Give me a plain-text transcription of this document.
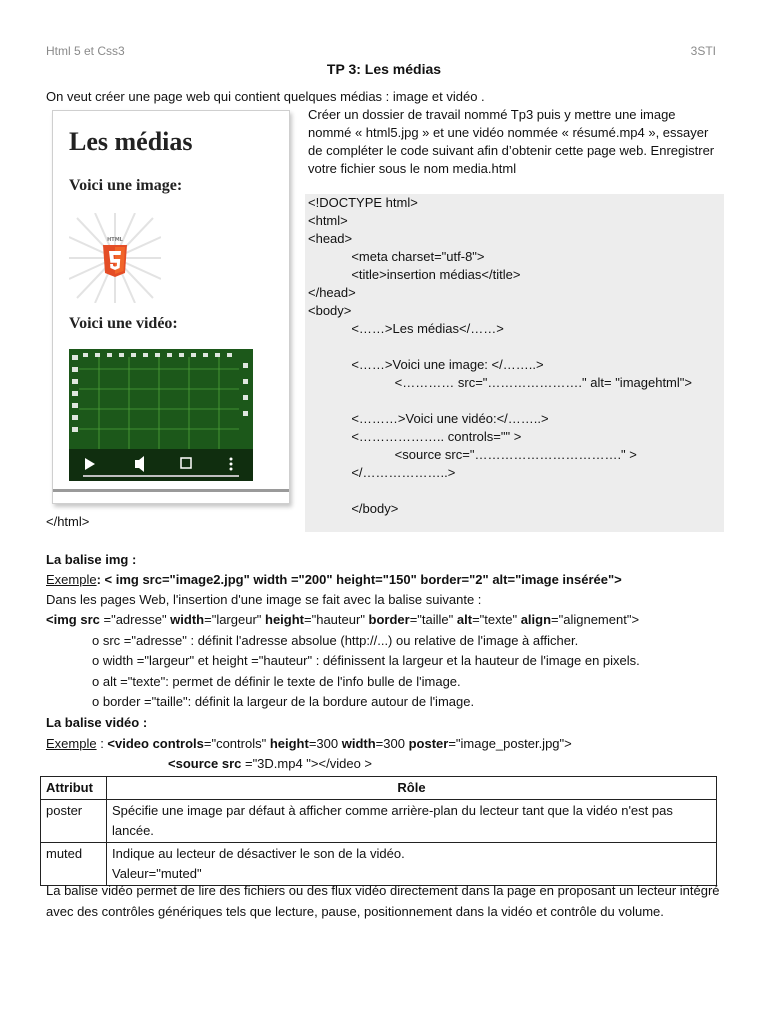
Html 5 et Css3	3STI
TP 3: Les médias
On veut créer une page web qui contient quelques médias : image et vidéo .
Les médias
Voici une image:
HTML
Voici une vidéo:
Créer un dossier de travail nommé Tp3 puis y mettre une image nommé « html5.jpg » et une vidéo nommée « résumé.mp4 », essayer de compléter le code suivant afin d’obtenir cette page web. Enregistrer votre fichier sous le nom media.html
<!DOCTYPE html>
<html>
<head>
<meta charset="utf-8">
<title>insertion médias</title>
</head>
<body>
<……>Les médias</……>
<……>Voici une image: </……..>
<………… src="…………………." alt= "imagehtml">
<………>Voici une vidéo:</……..>
<……………….. controls="" >
<source src="……………………………." >
</………………..>
</body>
</html>
La balise img :
Exemple: < img src="image2.jpg" width ="200" height="150" border="2" alt="image insérée">
Dans les pages Web, l'insertion d'une image se fait avec la balise suivante :
<img src ="adresse" width="largeur" height="hauteur" border="taille" alt="texte" align="alignement">
o src ="adresse" : définit l'adresse absolue (http://...) ou relative de l'image à afficher.
o width ="largeur" et height ="hauteur" : définissent la largeur et la hauteur de l'image en pixels.
o alt ="texte": permet de définir le texte de l'info bulle de l'image.
o border ="taille": définit la largeur de la bordure autour de l'image.
La balise vidéo :
Exemple : <video controls="controls" height=300 width=300 poster="image_poster.jpg">
<source src ="3D.mp4 "></video >
Attribut	Rôle
poster	Spécifie une image par défaut à afficher comme arrière-plan du lecteur tant que la vidéo n'est pas lancée.
muted	Indique au lecteur de désactiver le son de la vidéo.
Valeur="muted"
La balise vidéo permet de lire des fichiers ou des flux vidéo directement dans la page en proposant un lecteur intégré avec des contrôles génériques tels que lecture, pause, positionnement dans la vidéo et contrôle du volume.
